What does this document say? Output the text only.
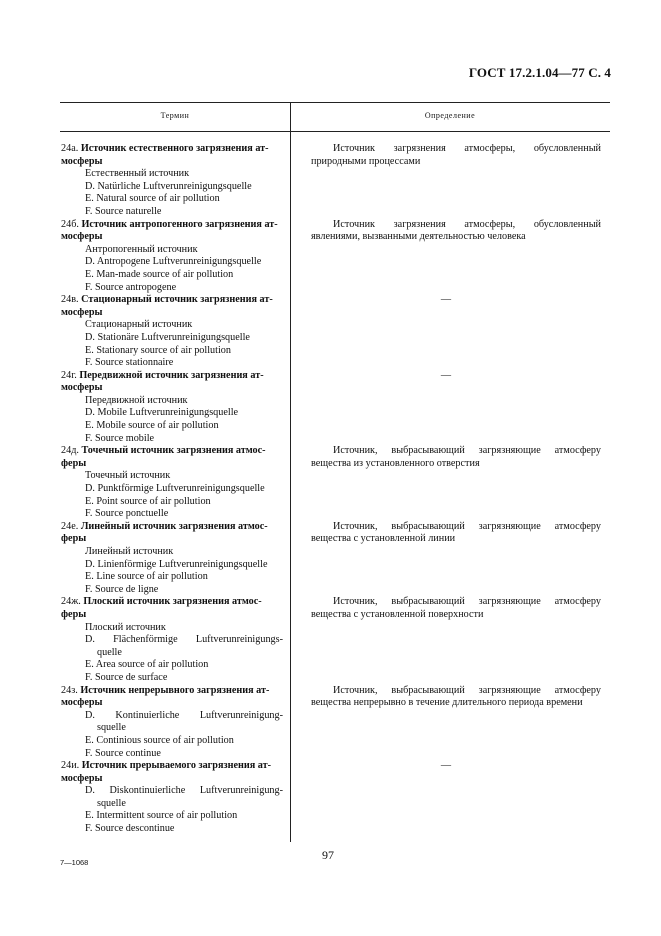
ГОСТ 17.2.1.04—77 С. 4
Термин	Определение
24а. Источник естественного загрязнения ат-
мосферы
Естественный источник
D. Natürliche Luftverunreinigungsquelle
E. Natural source of air pollution
F. Source naturelle
Источник загрязнения атмосферы, обусловленный природными процессами
24б. Источник антропогенного загрязнения ат-
мосферы
Антропогенный источник
D. Antropogene Luftverunreinigungsquelle
E. Man-made source of air pollution
F. Source antropogene
Источник загрязнения атмосферы, обусловленный явлениями, вызванными деятельностью человека
24в. Стационарный источник загрязнения ат-
мосферы
Стационарный источник
D. Stationäre Luftverunreinigungsquelle
E. Stationary source of air pollution
F. Source stationnaire
—
24г. Передвижной источник загрязнения ат-
мосферы
Передвижной источник
D. Mobile Luftverunreinigungsquelle
E. Mobile source of air pollution
F. Source mobile
—
24д. Точечный источник загрязнения атмос-
феры
Точечный источник
D. Punktförmige Luftverunreinigungsquelle
E. Point source of air pollution
F. Source ponctuelle
Источник, выбрасывающий загрязняющие атмосферу вещества из установленного отверстия
24е. Линейный источник загрязнения атмос-
феры
Линейный источник
D. Linienförmige Luftverunreinigungsquelle
E. Line source of air pollution
F. Source de ligne
Источник, выбрасывающий загрязняющие атмосферу вещества с установленной линии
24ж. Плоский источник загрязнения атмос-
феры
Плоский источник
D. Flächenförmige Luftverunreinigungs-
quelle
E. Area source of air pollution
F. Source de surface
Источник, выбрасывающий загрязняющие атмосферу вещества с установленной поверхности
24з. Источник непрерывного загрязнения ат-
мосферы
D. Kontinuierliche Luftverunreinigung-
squelle
E. Continious source of air pollution
F. Source continue
Источник, выбрасывающий загрязняющие атмосферу вещества непрерывно в течение длительного периода времени
24и. Источник прерываемого загрязнения ат-
мосферы
D. Diskontinuierliche Luftverunreinigung-
squelle
E. Intermittent source of air pollution
F. Source descontinue
—
7—1068
97
